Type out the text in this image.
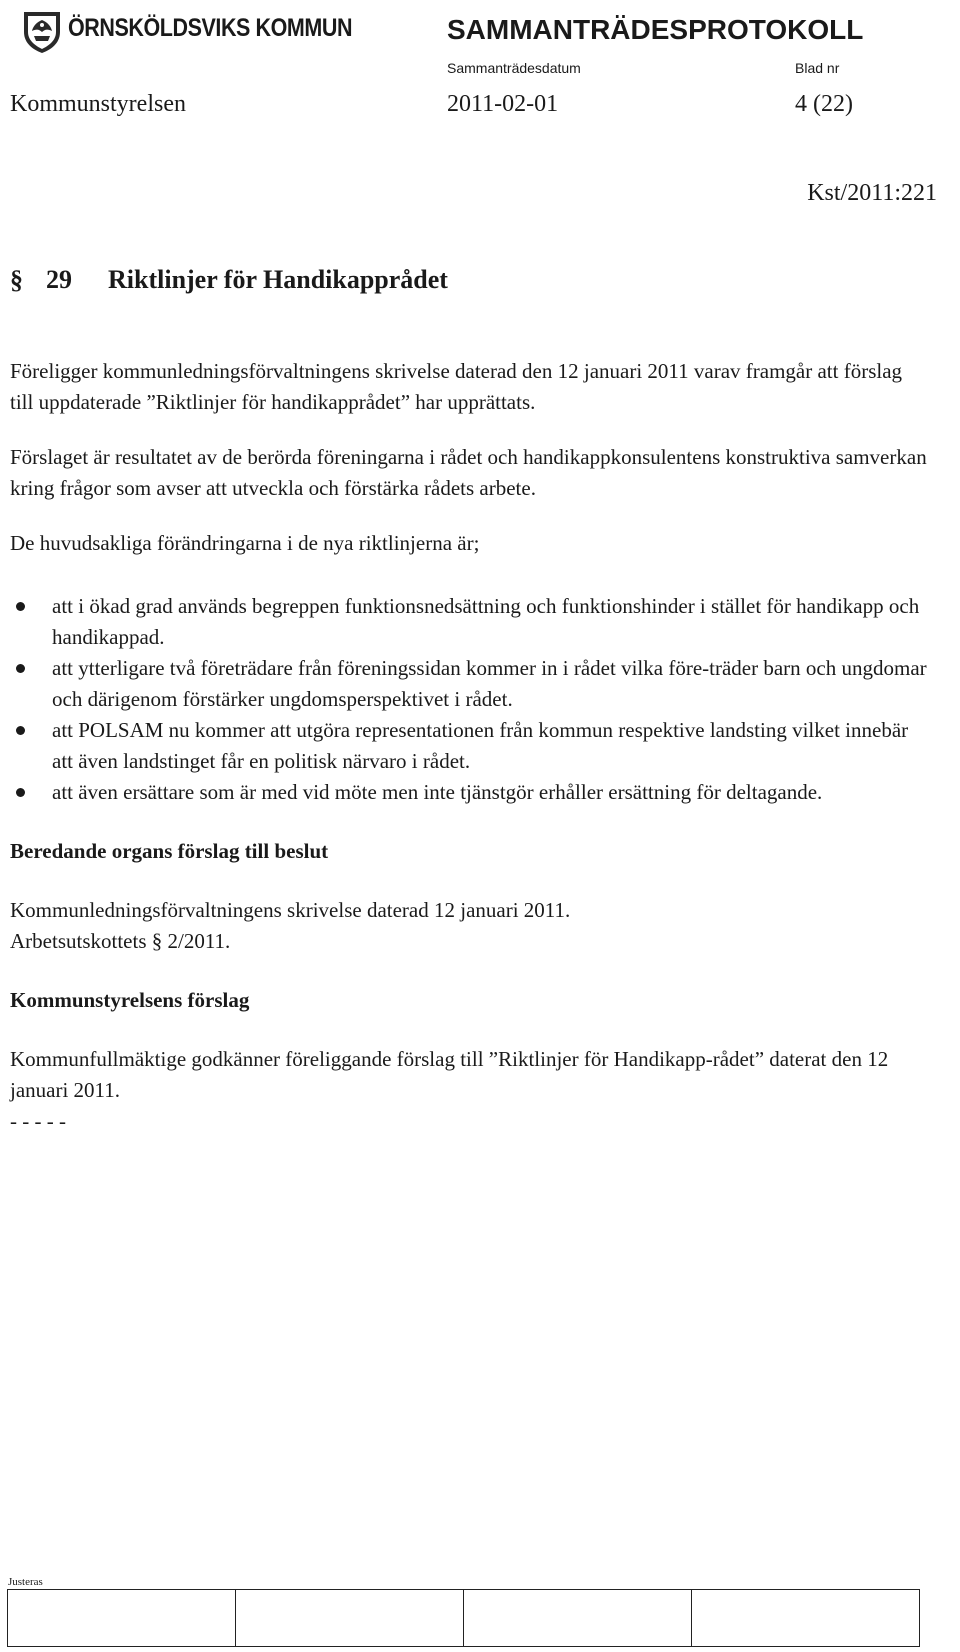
ÖRNSKÖLDSVIKS KOMMUN	SAMMANTRÄDESPROTOKOLL
Sammanträdesdatum	Blad nr
Kommunstyrelsen	2011-02-01	4 (22)
Kst/2011:221
§ 29 Riktlinjer för Handikapprådet

Föreligger kommunledningsförvaltningens skrivelse daterad den 12 januari 2011 varav framgår att förslag till uppdaterade ”Riktlinjer för handikapprådet” har upprättats.

Förslaget är resultatet av de berörda föreningarna i rådet och handikappkonsulentens konstruktiva samverkan kring frågor som avser att utveckla och förstärka rådets arbete.

De huvudsakliga förändringarna i de nya riktlinjerna är;

att i ökad grad används begreppen funktionsnedsättning och funktionshinder i stället för handikapp och handikappad.
att ytterligare två företrädare från föreningssidan kommer in i rådet vilka före-träder barn och ungdomar och därigenom förstärker ungdomsperspektivet i rådet.
att POLSAM nu kommer att utgöra representationen från kommun respektive landsting vilket innebär att även landstinget får en politisk närvaro i rådet.
att även ersättare som är med vid möte men inte tjänstgör erhåller ersättning för deltagande.

Beredande organs förslag till beslut

Kommunledningsförvaltningens skrivelse daterad 12 januari 2011.

Arbetsutskottets § 2/2011.

Kommunstyrelsens förslag

Kommunfullmäktige godkänner föreliggande förslag till ”Riktlinjer för Handikapp-rådet” daterat den 12 januari 2011.

- - - - -

Justeras
